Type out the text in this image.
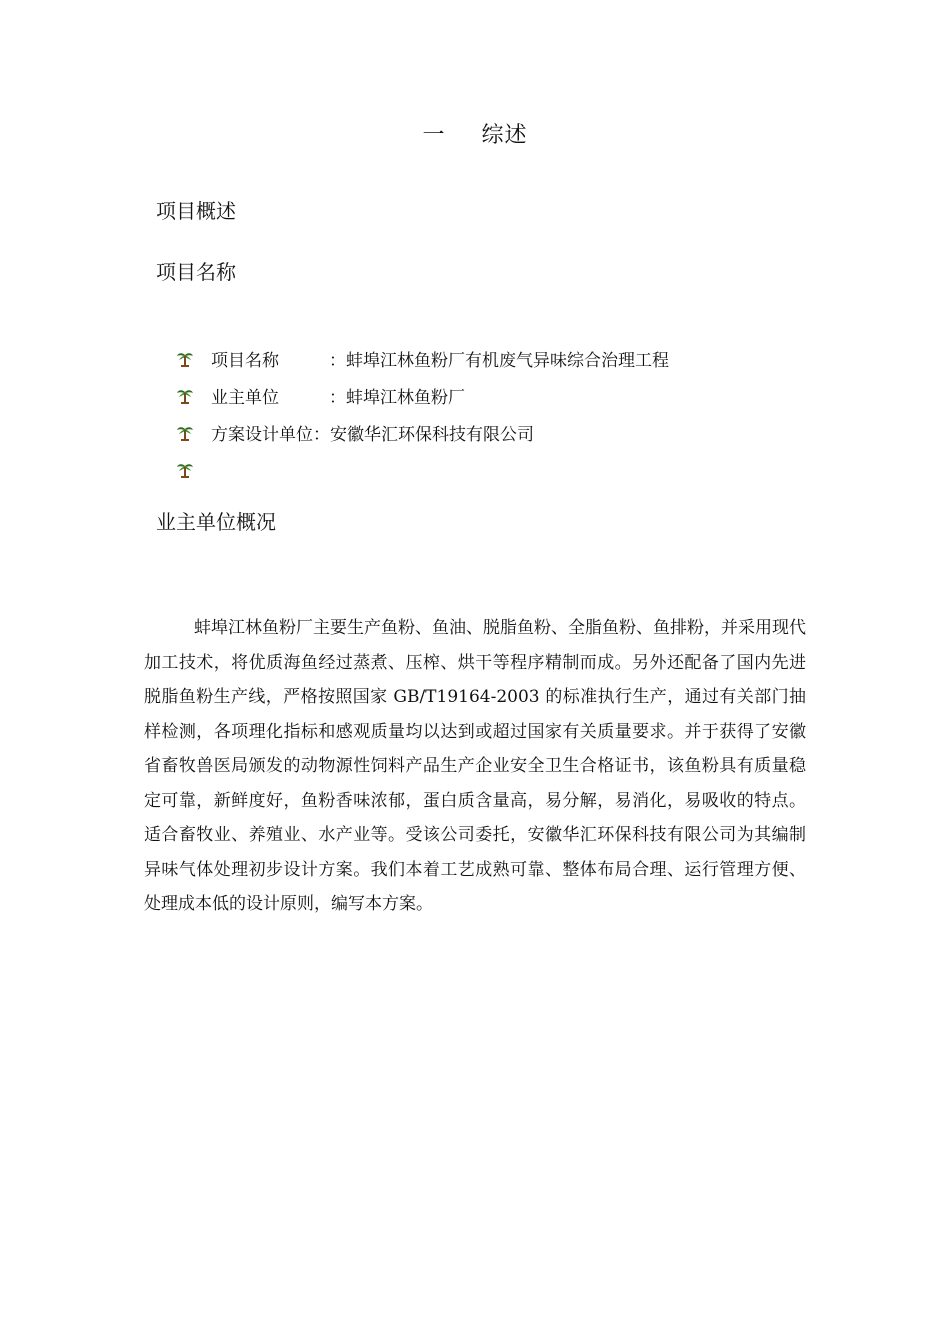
一 综述
项目概述
项目名称
项目名称	：蚌埠江林鱼粉厂有机废气异味综合治理工程
业主单位	：蚌埠江林鱼粉厂
方案设计单位： 安徽华汇环保科技有限公司
业主单位概况

蚌埠江林鱼粉厂主要生产鱼粉、鱼油、脱脂鱼粉、全脂鱼粉、鱼排粉，并采用现代加工技术，将优质海鱼经过蒸煮、压榨、烘干等程序精制而成。另外还配备了国内先进脱脂鱼粉生产线，严格按照国家 GB/T19164-2003 的标准执行生产，通过有关部门抽样检测，各项理化指标和感观质量均以达到或超过国家有关质量要求。并于获得了安徽省畜牧兽医局颁发的动物源性饲料产品生产企业安全卫生合格证书，该鱼粉具有质量稳定可靠，新鲜度好，鱼粉香味浓郁，蛋白质含量高，易分解，易消化，易吸收的特点。适合畜牧业、养殖业、水产业等。受该公司委托，安徽华汇环保科技有限公司为其编制异味气体处理初步设计方案。我们本着工艺成熟可靠、整体布局合理、运行管理方便、处理成本低的设计原则，编写本方案。
